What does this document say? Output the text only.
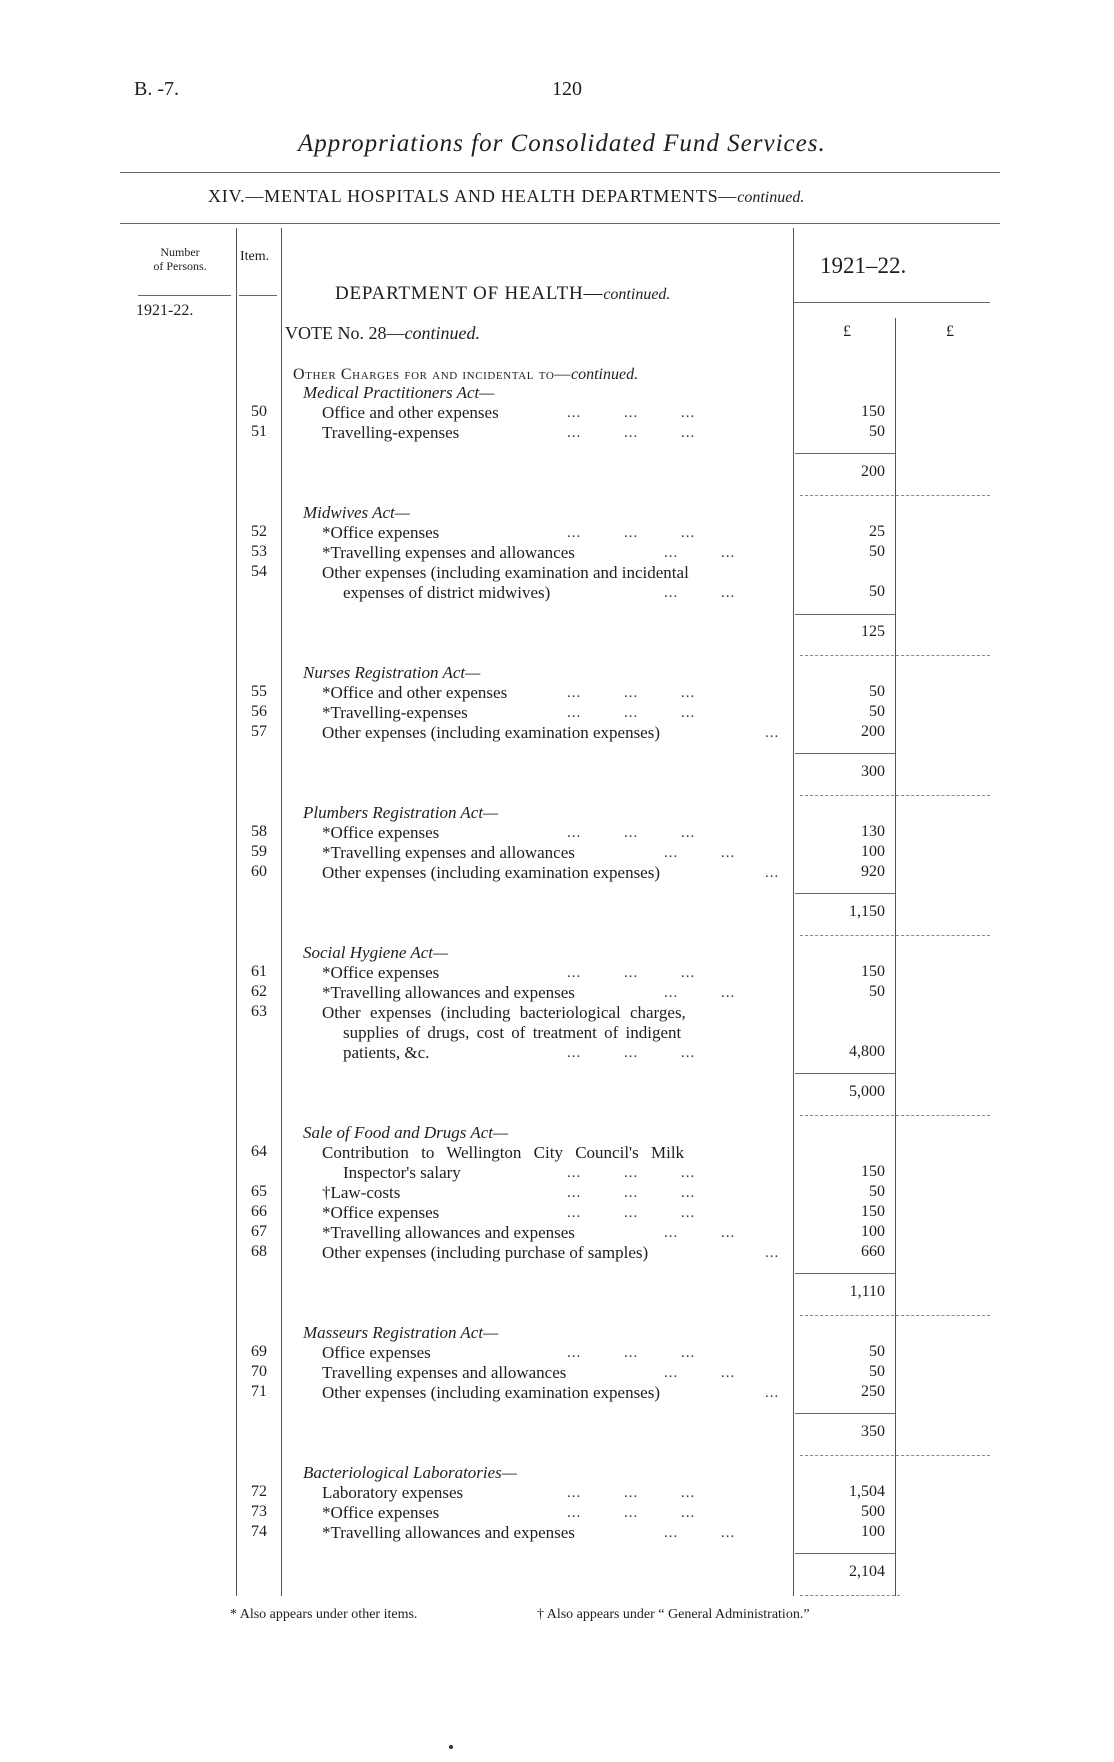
B. -7.	120
Appropriations for Consolidated Fund Services.
XIV.—MENTAL HOSPITALS AND HEALTH DEPARTMENTS—continued.
Number
of Persons.
1921-22.
Item.	1921–22.
£	£
DEPARTMENT OF HEALTH—continued.
VOTE No. 28—continued.
Other Charges for and incidental to—continued.
Medical Practitioners Act—
50	Office and other expenses	...         ...         ...	150
51	Travelling-expenses	...         ...         ...	50
200
Midwives Act—
52	*Office expenses	...         ...         ...	25
53	*Travelling expenses and allowances	...         ...	50
54	Other expenses (including examination and incidental
expenses of district midwives)	...         ...	50
125
Nurses Registration Act—
55	*Office and other expenses	...         ...         ...	50
56	*Travelling-expenses	...         ...         ...	50
57	Other expenses (including examination expenses)	...	200
300
Plumbers Registration Act—
58	*Office expenses	...         ...         ...	130
59	*Travelling expenses and allowances	...         ...	100
60	Other expenses (including examination expenses)	...	920
1,150
Social Hygiene Act—
61	*Office expenses	...         ...         ...	150
62	*Travelling allowances and expenses	...         ...	50
63	Other expenses (including bacteriological charges,
supplies of drugs, cost of treatment of indigent
patients, &c.	...         ...         ...	4,800
5,000
Sale of Food and Drugs Act—
64	Contribution to Wellington City Council's Milk
Inspector's salary	...         ...         ...	150
65	†Law-costs	...         ...         ...	50
66	*Office expenses	...         ...         ...	150
67	*Travelling allowances and expenses	...         ...	100
68	Other expenses (including purchase of samples)	...	660
1,110
Masseurs Registration Act—
69	Office expenses	...         ...         ...	50
70	Travelling expenses and allowances	...         ...	50
71	Other expenses (including examination expenses)	...	250
350
Bacteriological Laboratories—
72	Laboratory expenses	...         ...         ...	1,504
73	*Office expenses	...         ...         ...	500
74	*Travelling allowances and expenses	...         ...	100
2,104
* Also appears under other items.	† Also appears under “ General Administration.”
